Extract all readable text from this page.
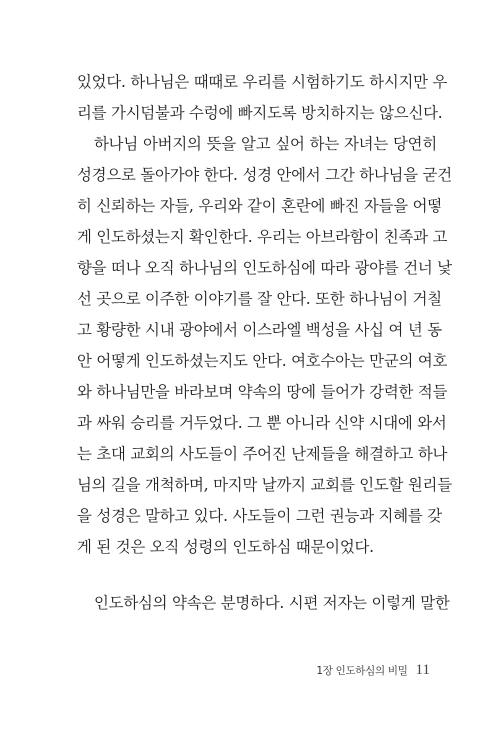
있었다. 하나님은 때때로 우리를 시험하기도 하시지만 우
리를 가시덤불과 수렁에 빠지도록 방치하지는 않으신다.
하나님 아버지의 뜻을 알고 싶어 하는 자녀는 당연히
성경으로 돌아가야 한다. 성경 안에서 그간 하나님을 굳건
히 신뢰하는 자들, 우리와 같이 혼란에 빠진 자들을 어떻
게 인도하셨는지 확인한다. 우리는 아브라함이 친족과 고
향을 떠나 오직 하나님의 인도하심에 따라 광야를 건너 낯
선 곳으로 이주한 이야기를 잘 안다. 또한 하나님이 거칠
고 황량한 시내 광야에서 이스라엘 백성을 사십 여 년 동
안 어떻게 인도하셨는지도 안다. 여호수아는 만군의 여호
와 하나님만을 바라보며 약속의 땅에 들어가 강력한 적들
과 싸워 승리를 거두었다. 그 뿐 아니라 신약 시대에 와서
는 초대 교회의 사도들이 주어진 난제들을 해결하고 하나
님의 길을 개척하며, 마지막 날까지 교회를 인도할 원리들
을 성경은 말하고 있다. 사도들이 그런 권능과 지혜를 갖
게 된 것은 오직 성령의 인도하심 때문이었다.
인도하심의 약속은 분명하다. 시편 저자는 이렇게 말한
1장 인도하심의 비밀 11
